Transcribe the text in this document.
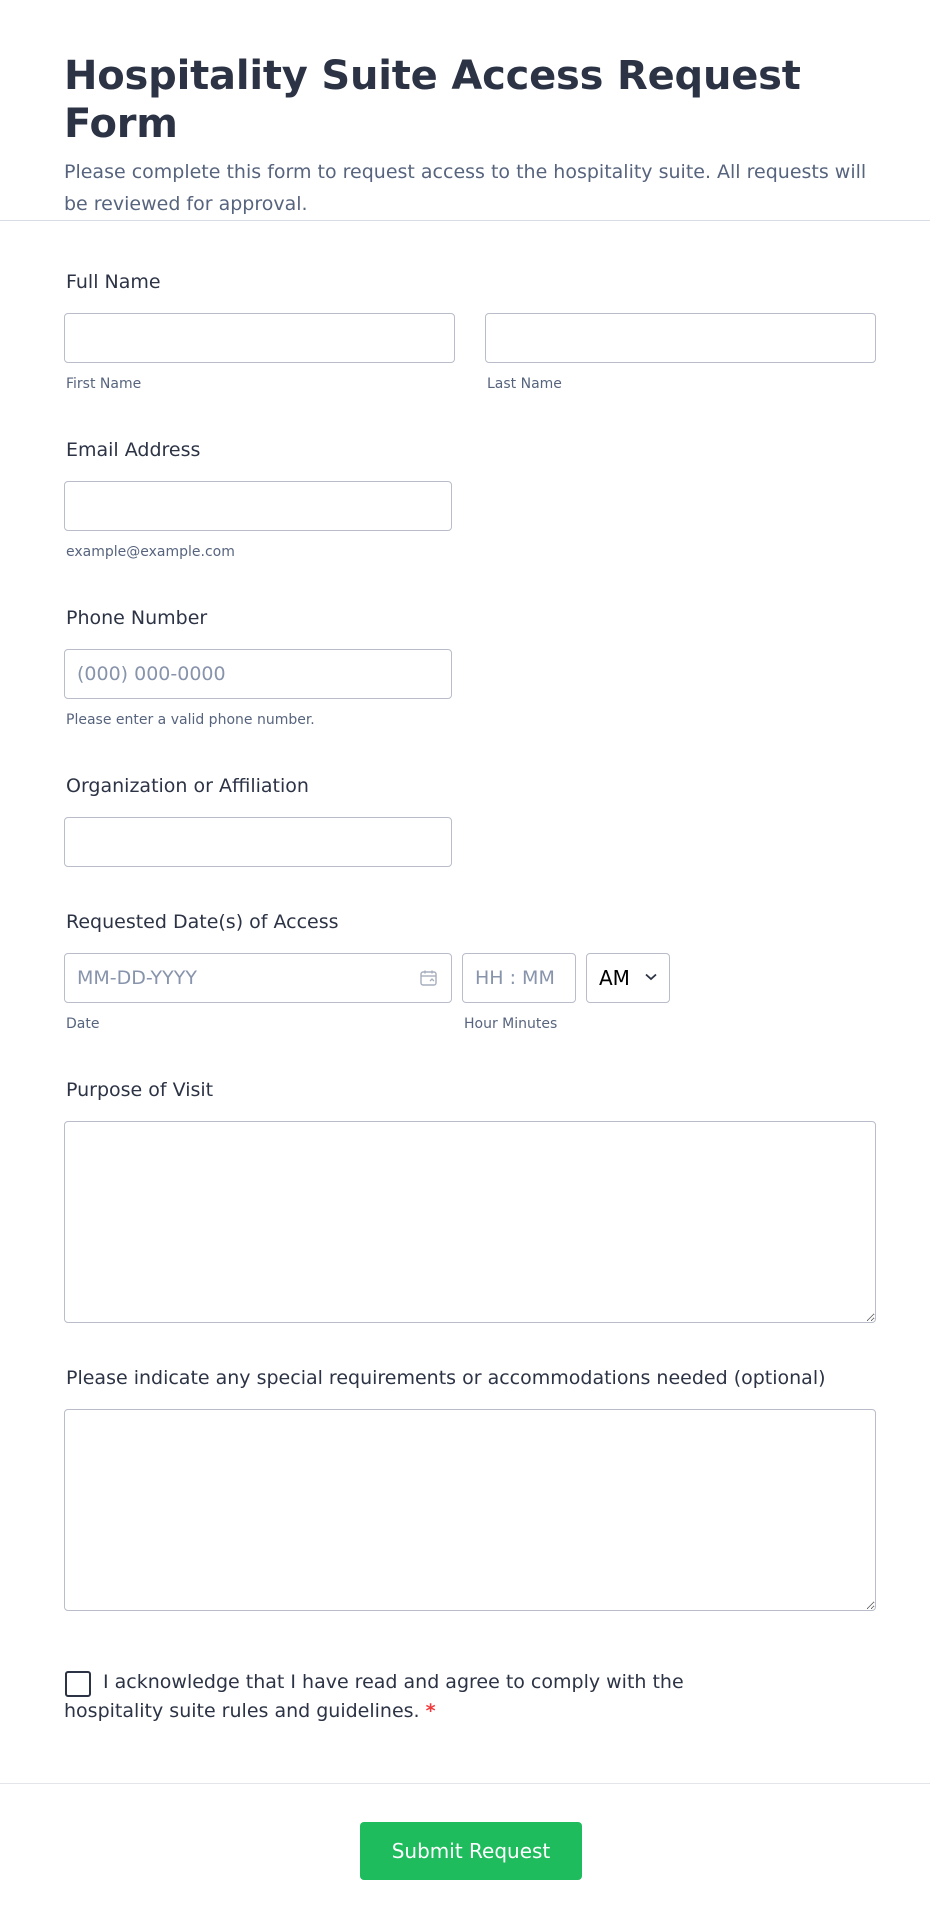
Hospitality Suite Access Request Form

Please complete this form to request access to the hospitality suite. All requests will be reviewed for approval.

Full Name
First Name	Last Name
Email Address
example@example.com
Phone Number
(000) 000-0000
Please enter a valid phone number.
Organization or Affiliation
Requested Date(s) of Access
MM-DD-YYYY
HH : MM
AM
Date	Hour Minutes
Purpose of Visit
Please indicate any special requirements or accommodations needed (optional)
I acknowledge that I have read and agree to comply with the hospitality suite rules and guidelines. *
Submit Request
